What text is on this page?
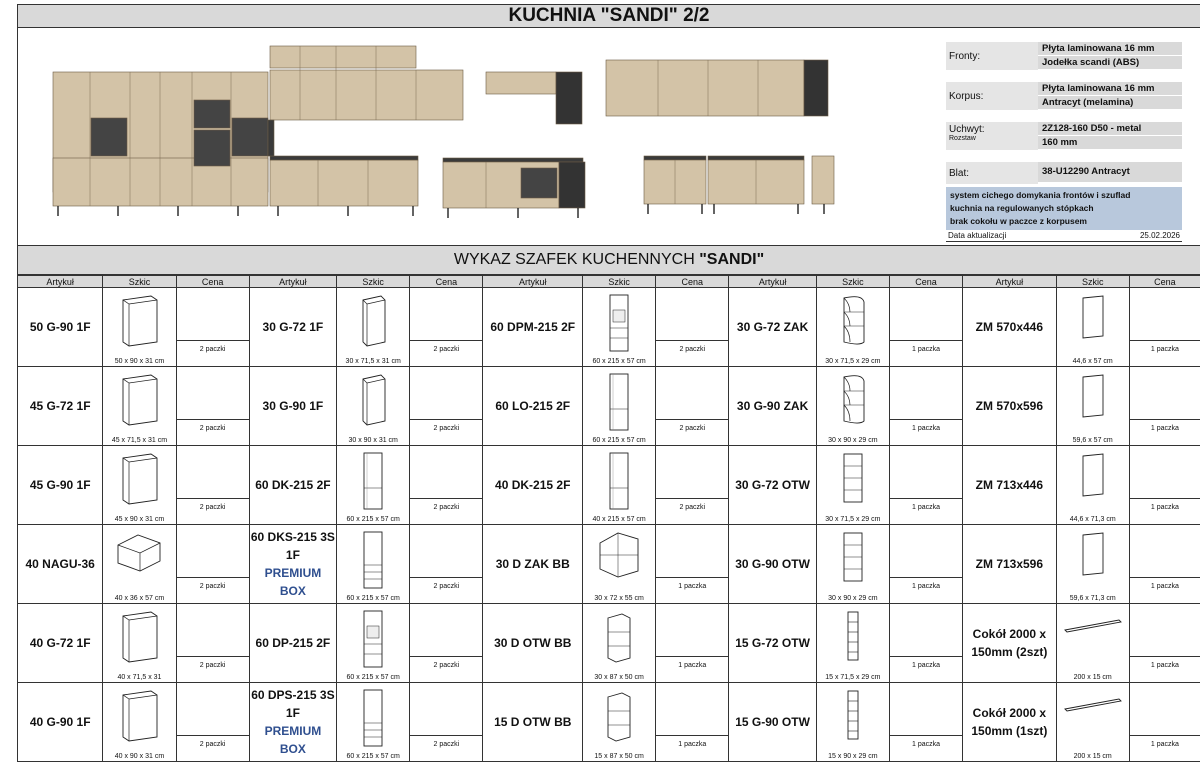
KUCHNIA "SANDI" 2/2
Fronty:
Płyta laminowana 16 mm
Jodełka scandi (ABS)
Korpus:
Płyta laminowana 16 mm
Antracyt (melamina)
Uchwyt:
Rozstaw
2Z128-160 D50 - metal
160 mm
Blat:	38-U12290 Antracyt
system cichego domykania frontów i szuflad
kuchnia na regulowanych stópkach
brak cokołu w paczce z korpusem
Data aktualizacji	25.02.2026
WYKAZ SZAFEK KUCHENNYCH "SANDI"
Artykuł	Szkic	Cena	Artykuł	Szkic	Cena	Artykuł	Szkic	Cena	Artykuł	Szkic	Cena	Artykuł	Szkic	Cena
50 G-90 1F	50 x 90 x 31 cm	2 paczki	30 G-72 1F	30 x 71,5 x 31 cm	2 paczki	60 DPM-215 2F	60 x 215 x 57 cm	2 paczki	30 G-72 ZAK	30 x 71,5 x 29 cm	1 paczka	ZM 570x446	44,6 x 57 cm	1 paczka

45 G-72 1F	45 x 71,5 x 31 cm	2 paczki	30 G-90 1F	30 x 90 x 31 cm	2 paczki	60 LO-215 2F	60 x 215 x 57 cm	2 paczki	30 G-90 ZAK	30 x 90 x 29 cm	1 paczka	ZM 570x596	59,6 x 57 cm	1 paczka

45 G-90 1F	45 x 90 x 31 cm	2 paczki	60 DK-215 2F	60 x 215 x 57 cm	2 paczki	40 DK-215 2F	40 x 215 x 57 cm	2 paczki	30 G-72 OTW	30 x 71,5 x 29 cm	1 paczka	ZM 713x446	44,6 x 71,3 cm	1 paczka

40 NAGU-36	40 x 36 x 57 cm	2 paczki	60 DKS-215 3S 1F
PREMIUM
BOX	60 x 215 x 57 cm	2 paczki	30 D ZAK BB	30 x 72 x 55 cm	1 paczka	30 G-90 OTW	30 x 90 x 29 cm	1 paczka	ZM 713x596	59,6 x 71,3 cm	1 paczka

40 G-72 1F	40 x 71,5 x 31	2 paczki	60 DP-215 2F	60 x 215 x 57 cm	2 paczki	30 D OTW BB	30 x 87 x 50 cm	1 paczka	15 G-72 OTW	15 x 71,5 x 29 cm	1 paczka	Cokół 2000 x 150mm (2szt)	200 x 15 cm	1 paczka

40 G-90 1F	40 x 90 x 31 cm	2 paczki	60 DPS-215 3S 1F
PREMIUM
BOX	60 x 215 x 57 cm	2 paczki	15 D OTW BB	15 x 87 x 50 cm	1 paczka	15 G-90 OTW	15 x 90 x 29 cm	1 paczka	Cokół 2000 x 150mm (1szt)	200 x 15 cm	1 paczka
